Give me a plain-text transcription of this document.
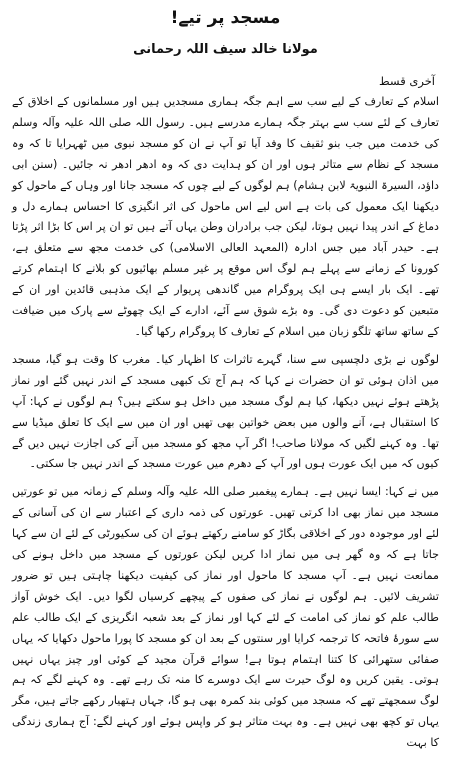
مسجد پر تیے!
مولانا خالد سیف اللہ رحمانی
آخری قسط

اسلام کے تعارف کے لیے سب سے اہم جگہ ہماری مسجدیں ہیں اور مسلمانوں کے اخلاق کے تعارف کے لئے سب سے بہتر جگہ ہمارے مدرسے ہیں۔ رسول اللہ صلی اللہ علیہ وآلہ وسلم کی خدمت میں جب بنو ثقیف کا وفد آیا تو آپ نے ان کو مسجد نبوی میں ٹھہرایا تا کہ وہ مسجد کے نظام سے متاثر ہوں اور ان کو ہدایت دی کہ وہ ادھر ادھر نہ جائیں۔ (سنن ابی داؤد، السیرۃ النبویۃ لابن ہشام) ہم لوگوں کے لیے چوں کہ مسجد جانا اور وہاں کے ماحول کو دیکھنا ایک معمول کی بات ہے اس لیے اس ماحول کی اثر انگیزی کا احساس ہمارے دل و دماغ کے اندر پیدا نہیں ہوتا، لیکن جب برادران وطن یہاں آتے ہیں تو ان پر اس کا بڑا اثر پڑتا ہے۔ حیدر آباد میں جس ادارہ (المعہد العالی الاسلامی) کی خدمت مجھ سے متعلق ہے، کورونا کے زمانے سے پہلے ہم لوگ اس موقع پر غیر مسلم بھائیوں کو بلانے کا اہتمام کرتے تھے۔ ایک بار ایسے ہی ایک پروگرام میں گاندھی پریوار کے ایک مذہبی قائدین اور ان کے متبعین کو دعوت دی گی۔ وہ بڑے شوق سے آئے، ادارے کے ایک چھوٹے سے پارک میں ضیافت کے ساتھ ساتھ تلگو زبان میں اسلام کے تعارف کا پروگرام رکھا گیا۔

لوگوں نے بڑی دلچسپی سے سنا، گہرے تاثرات کا اظہار کیا۔ مغرب کا وقت ہو گیا، مسجد میں اذان ہوئی تو ان حضرات نے کہا کہ ہم آج تک کبھی مسجد کے اندر نہیں گئے اور نماز پڑھتے ہوئے نہیں دیکھا، کیا ہم لوگ مسجد میں داخل ہو سکتے ہیں؟ ہم لوگوں نے کہا: آپ کا استقبال ہے، آنے والوں میں بعض خواتین بھی تھیں اور ان میں سے ایک کا تعلق میڈیا سے تھا۔ وہ کہنے لگیں کہ مولانا صاحب! اگر آپ مجھ کو مسجد میں آنے کی اجازت نہیں دیں گے کیوں کہ میں ایک عورت ہوں اور آپ کے دھرم میں عورت مسجد کے اندر نہیں جا سکتی۔

میں نے کہا: ایسا نہیں ہے۔ ہمارے پیغمبر صلی اللہ علیہ وآلہ وسلم کے زمانہ میں تو عورتیں مسجد میں نماز بھی ادا کرتی تھیں۔ عورتوں کی ذمہ داری کے اعتبار سے ان کی آسانی کے لئے اور موجودہ دور کے اخلاقی بگاڑ کو سامنے رکھتے ہوئے ان کی سکیورٹی کے لئے ان سے کہا جاتا ہے کہ وہ گھر ہی میں نماز ادا کریں لیکن عورتوں کے مسجد میں داخل ہونے کی ممانعت نہیں ہے۔ آپ مسجد کا ماحول اور نماز کی کیفیت دیکھنا چاہتی ہیں تو ضرور تشریف لائیں۔ ہم لوگوں نے نماز کی صفوں کے پیچھے کرسیاں لگوا دیں۔ ایک خوش آواز طالب علم کو نماز کی امامت کے لئے کہا اور نماز کے بعد شعبہ انگریزی کے ایک طالب علم سے سورۂ فاتحہ کا ترجمہ کرایا اور سنتوں کے بعد ان کو مسجد کا پورا ماحول دکھایا کہ یہاں صفائی ستھرائی کا کتنا اہتمام ہوتا ہے! سوائے قرآن مجید کے کوئی اور چیز یہاں نہیں ہوتی۔ یقین کریں وہ لوگ حیرت سے ایک دوسرے کا منہ تک رہے تھے۔ وہ کہنے لگے کہ ہم لوگ سمجھتے تھے کہ مسجد میں کوئی بند کمرہ بھی ہو گا، جہاں ہتھیار رکھے جاتے ہیں، مگر یہاں تو کچھ بھی نہیں ہے۔ وہ بہت متاثر ہو کر واپس ہوئے اور کہنے لگے: آج ہماری زندگی کا بہت
